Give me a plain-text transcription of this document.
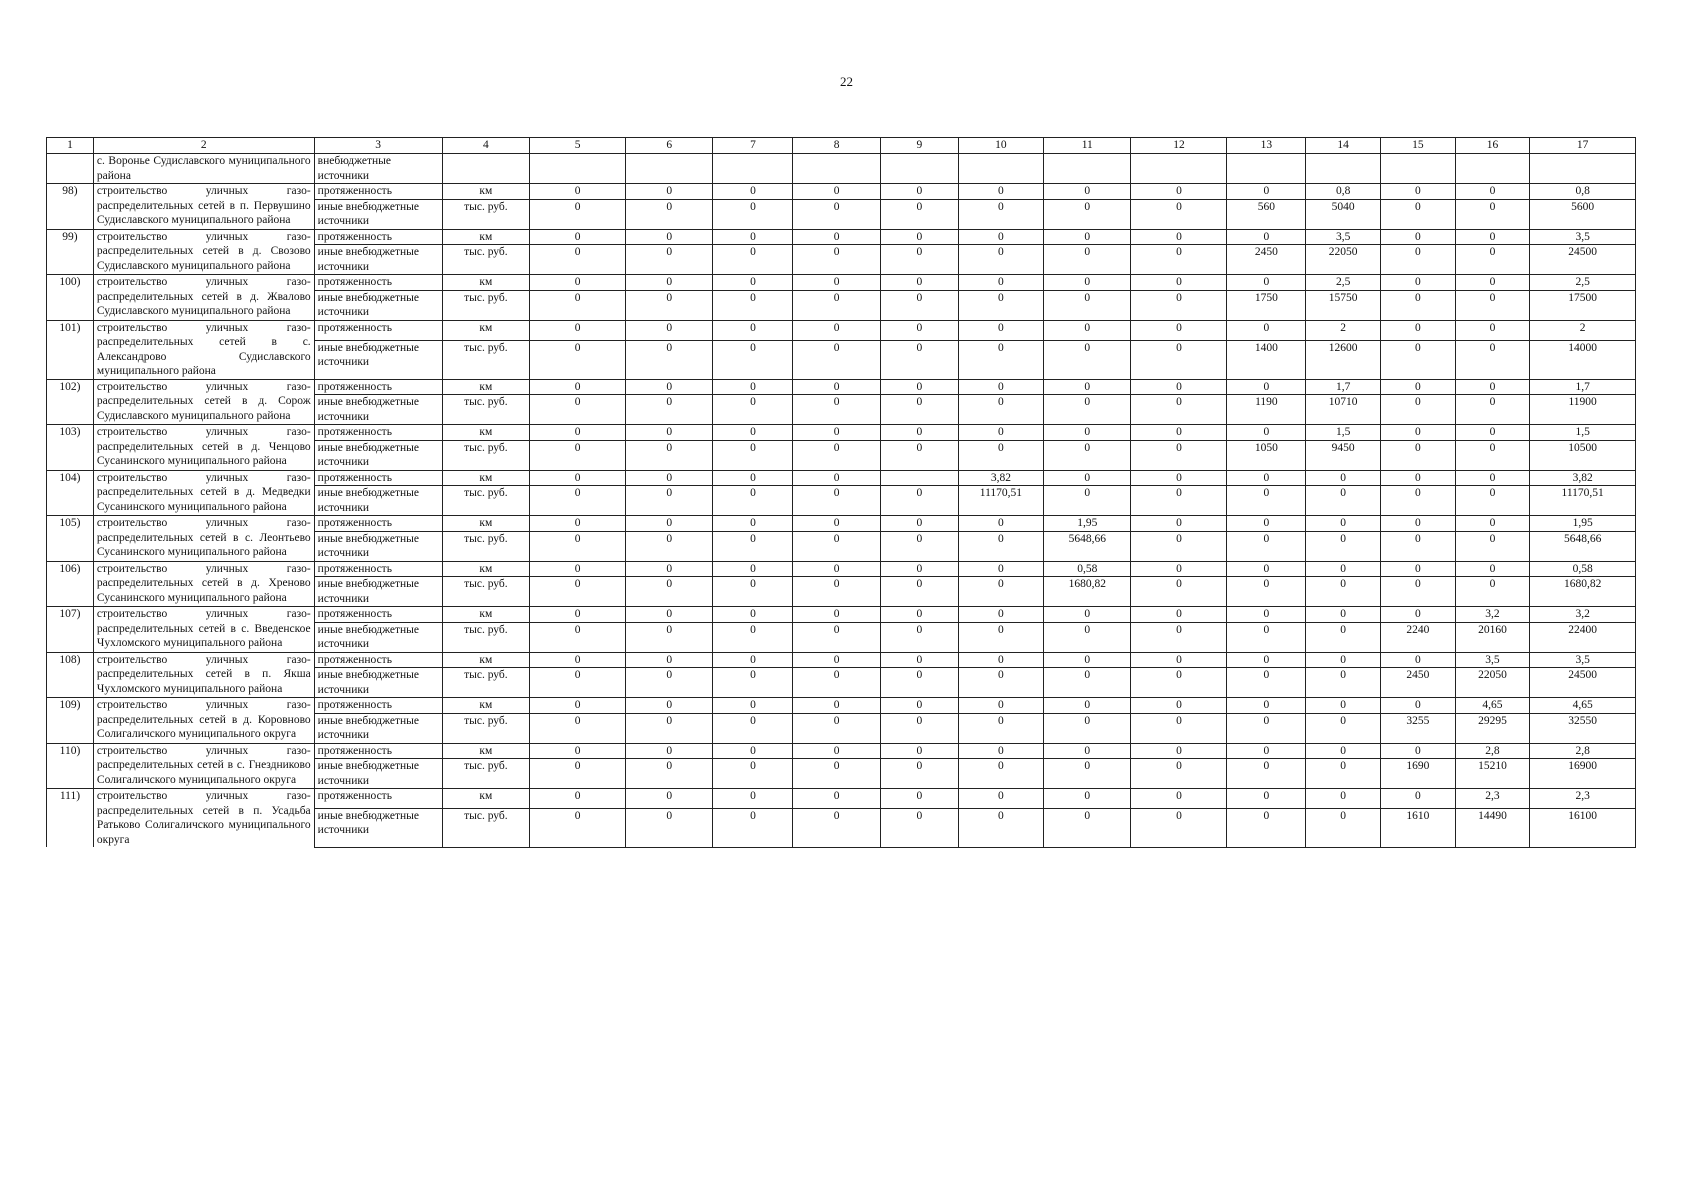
22
1	2	3	4	5	6	7	8	9	10	11	12	13	14	15	16	17
	с. Воронье Судиславского муниципального района	внебюджетные источники														
98)	строительство уличных газо-распределительных сетей в п. Первушино Судиславского муниципального района	протяженность	км	0	0	0	0	0	0	0	0	0	0,8	0	0	0,8
		иные внебюджетные источники	тыс. руб.	0	0	0	0	0	0	0	0	560	5040	0	0	5600
99)	строительство уличных газо-распределительных сетей в д. Свозово Судиславского муниципального района	протяженность	км	0	0	0	0	0	0	0	0	0	3,5	0	0	3,5
		иные внебюджетные источники	тыс. руб.	0	0	0	0	0	0	0	0	2450	22050	0	0	24500
100)	строительство уличных газо-распределительных сетей в д. Жвалово Судиславского муниципального района	протяженность	км	0	0	0	0	0	0	0	0	0	2,5	0	0	2,5
		иные внебюджетные источники	тыс. руб.	0	0	0	0	0	0	0	0	1750	15750	0	0	17500
101)	строительство уличных газо-распределительных сетей в с. Александрово Судиславского муниципального района	протяженность	км	0	0	0	0	0	0	0	0	0	2	0	0	2
		иные внебюджетные источники	тыс. руб.	0	0	0	0	0	0	0	0	1400	12600	0	0	14000
102)	строительство уличных газо-распределительных сетей в д. Сорож Судиславского муниципального района	протяженность	км	0	0	0	0	0	0	0	0	0	1,7	0	0	1,7
		иные внебюджетные источники	тыс. руб.	0	0	0	0	0	0	0	0	1190	10710	0	0	11900
103)	строительство уличных газо-распределительных сетей в д. Ченцово Сусанинского муниципального района	протяженность	км	0	0	0	0	0	0	0	0	0	1,5	0	0	1,5
		иные внебюджетные источники	тыс. руб.	0	0	0	0	0	0	0	0	1050	9450	0	0	10500
104)	строительство уличных газо-распределительных сетей в д. Медведки Сусанинского муниципального района	протяженность	км	0	0	0	0		3,82	0	0	0	0	0	0	3,82
		иные внебюджетные источники	тыс. руб.	0	0	0	0	0	11170,51	0	0	0	0	0	0	11170,51
105)	строительство уличных газо-распределительных сетей в с. Леонтьево Сусанинского муниципального района	протяженность	км	0	0	0	0	0	0	1,95	0	0	0	0	0	1,95
		иные внебюджетные источники	тыс. руб.	0	0	0	0	0	0	5648,66	0	0	0	0	0	5648,66
106)	строительство уличных газо-распределительных сетей в д. Хреново Сусанинского муниципального района	протяженность	км	0	0	0	0	0	0	0,58	0	0	0	0	0	0,58
		иные внебюджетные источники	тыс. руб.	0	0	0	0	0	0	1680,82	0	0	0	0	0	1680,82
107)	строительство уличных газо-распределительных сетей в с. Введенское Чухломского муниципального района	протяженность	км	0	0	0	0	0	0	0	0	0	0	0	3,2	3,2
		иные внебюджетные источники	тыс. руб.	0	0	0	0	0	0	0	0	0	0	2240	20160	22400
108)	строительство уличных газо-распределительных сетей в п. Якша Чухломского муниципального района	протяженность	км	0	0	0	0	0	0	0	0	0	0	0	3,5	3,5
		иные внебюджетные источники	тыс. руб.	0	0	0	0	0	0	0	0	0	0	2450	22050	24500
109)	строительство уличных газо-распределительных сетей в д. Коровново Солигаличского муниципального округа	протяженность	км	0	0	0	0	0	0	0	0	0	0	0	4,65	4,65
		иные внебюджетные источники	тыс. руб.	0	0	0	0	0	0	0	0	0	0	3255	29295	32550
110)	строительство уличных газо-распределительных сетей в с. Гнездниково Солигаличского муниципального округа	протяженность	км	0	0	0	0	0	0	0	0	0	0	0	2,8	2,8
		иные внебюджетные источники	тыс. руб.	0	0	0	0	0	0	0	0	0	0	1690	15210	16900
111)	строительство уличных газо-распределительных сетей в п. Усадьба Ратьково Солигаличского муниципального округа	протяженность	км	0	0	0	0	0	0	0	0	0	0	0	2,3	2,3
		иные внебюджетные источники	тыс. руб.	0	0	0	0	0	0	0	0	0	0	1610	14490	16100
